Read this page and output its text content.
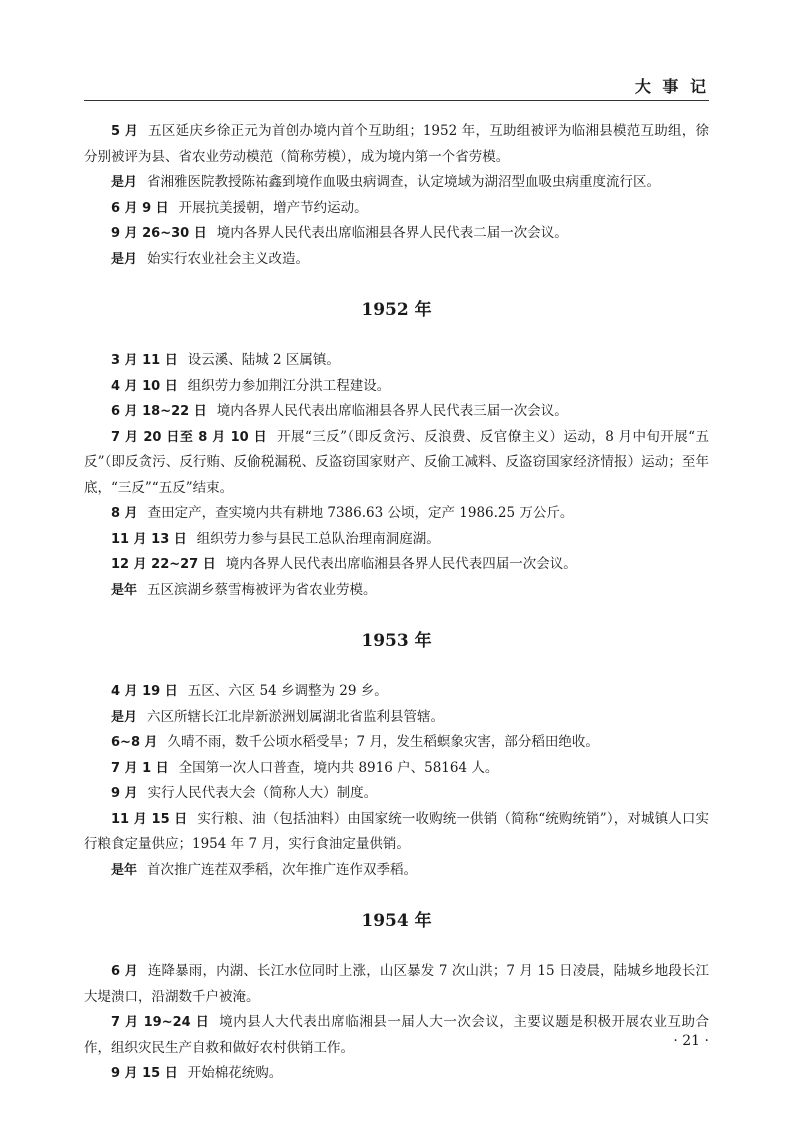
大 事 记

5 月 五区延庆乡徐正元为首创办境内首个互助组；1952 年，互助组被评为临湘县模范互助组，徐分别被评为县、省农业劳动模范（简称劳模），成为境内第一个省劳模。

是月 省湘雅医院教授陈祐鑫到境作血吸虫病调查，认定境域为湖沼型血吸虫病重度流行区。

6 月 9 日 开展抗美援朝，增产节约运动。

9 月 26~30 日 境内各界人民代表出席临湘县各界人民代表二届一次会议。

是月 始实行农业社会主义改造。

1952 年

3 月 11 日 设云溪、陆城 2 区属镇。

4 月 10 日 组织劳力参加荆江分洪工程建设。

6 月 18~22 日 境内各界人民代表出席临湘县各界人民代表三届一次会议。

7 月 20 日至 8 月 10 日 开展“三反”（即反贪污、反浪费、反官僚主义）运动，8 月中旬开展“五反”（即反贪污、反行贿、反偷税漏税、反盗窃国家财产、反偷工减料、反盗窃国家经济情报）运动；至年底，“三反”“五反”结束。

8 月 查田定产，查实境内共有耕地 7386.63 公顷，定产 1986.25 万公斤。

11 月 13 日 组织劳力参与县民工总队治理南洞庭湖。

12 月 22~27 日 境内各界人民代表出席临湘县各界人民代表四届一次会议。

是年 五区滨湖乡蔡雪梅被评为省农业劳模。

1953 年

4 月 19 日 五区、六区 54 乡调整为 29 乡。

是月 六区所辖长江北岸新淤洲划属湖北省监利县管辖。

6~8 月 久晴不雨，数千公顷水稻受旱；7 月，发生稻螟象灾害，部分稻田绝收。

7 月 1 日 全国第一次人口普查，境内共 8916 户、58164 人。

9 月 实行人民代表大会（简称人大）制度。

11 月 15 日 实行粮、油（包括油料）由国家统一收购统一供销（简称“统购统销”），对城镇人口实行粮食定量供应；1954 年 7 月，实行食油定量供销。

是年 首次推广连茬双季稻，次年推广连作双季稻。

1954 年

6 月 连降暴雨，内湖、长江水位同时上涨，山区暴发 7 次山洪；7 月 15 日凌晨，陆城乡地段长江大堤溃口，沿湖数千户被淹。

7 月 19~24 日 境内县人大代表出席临湘县一届人大一次会议，主要议题是积极开展农业互助合作，组织灾民生产自救和做好农村供销工作。

9 月 15 日 开始棉花统购。

· 21 ·
